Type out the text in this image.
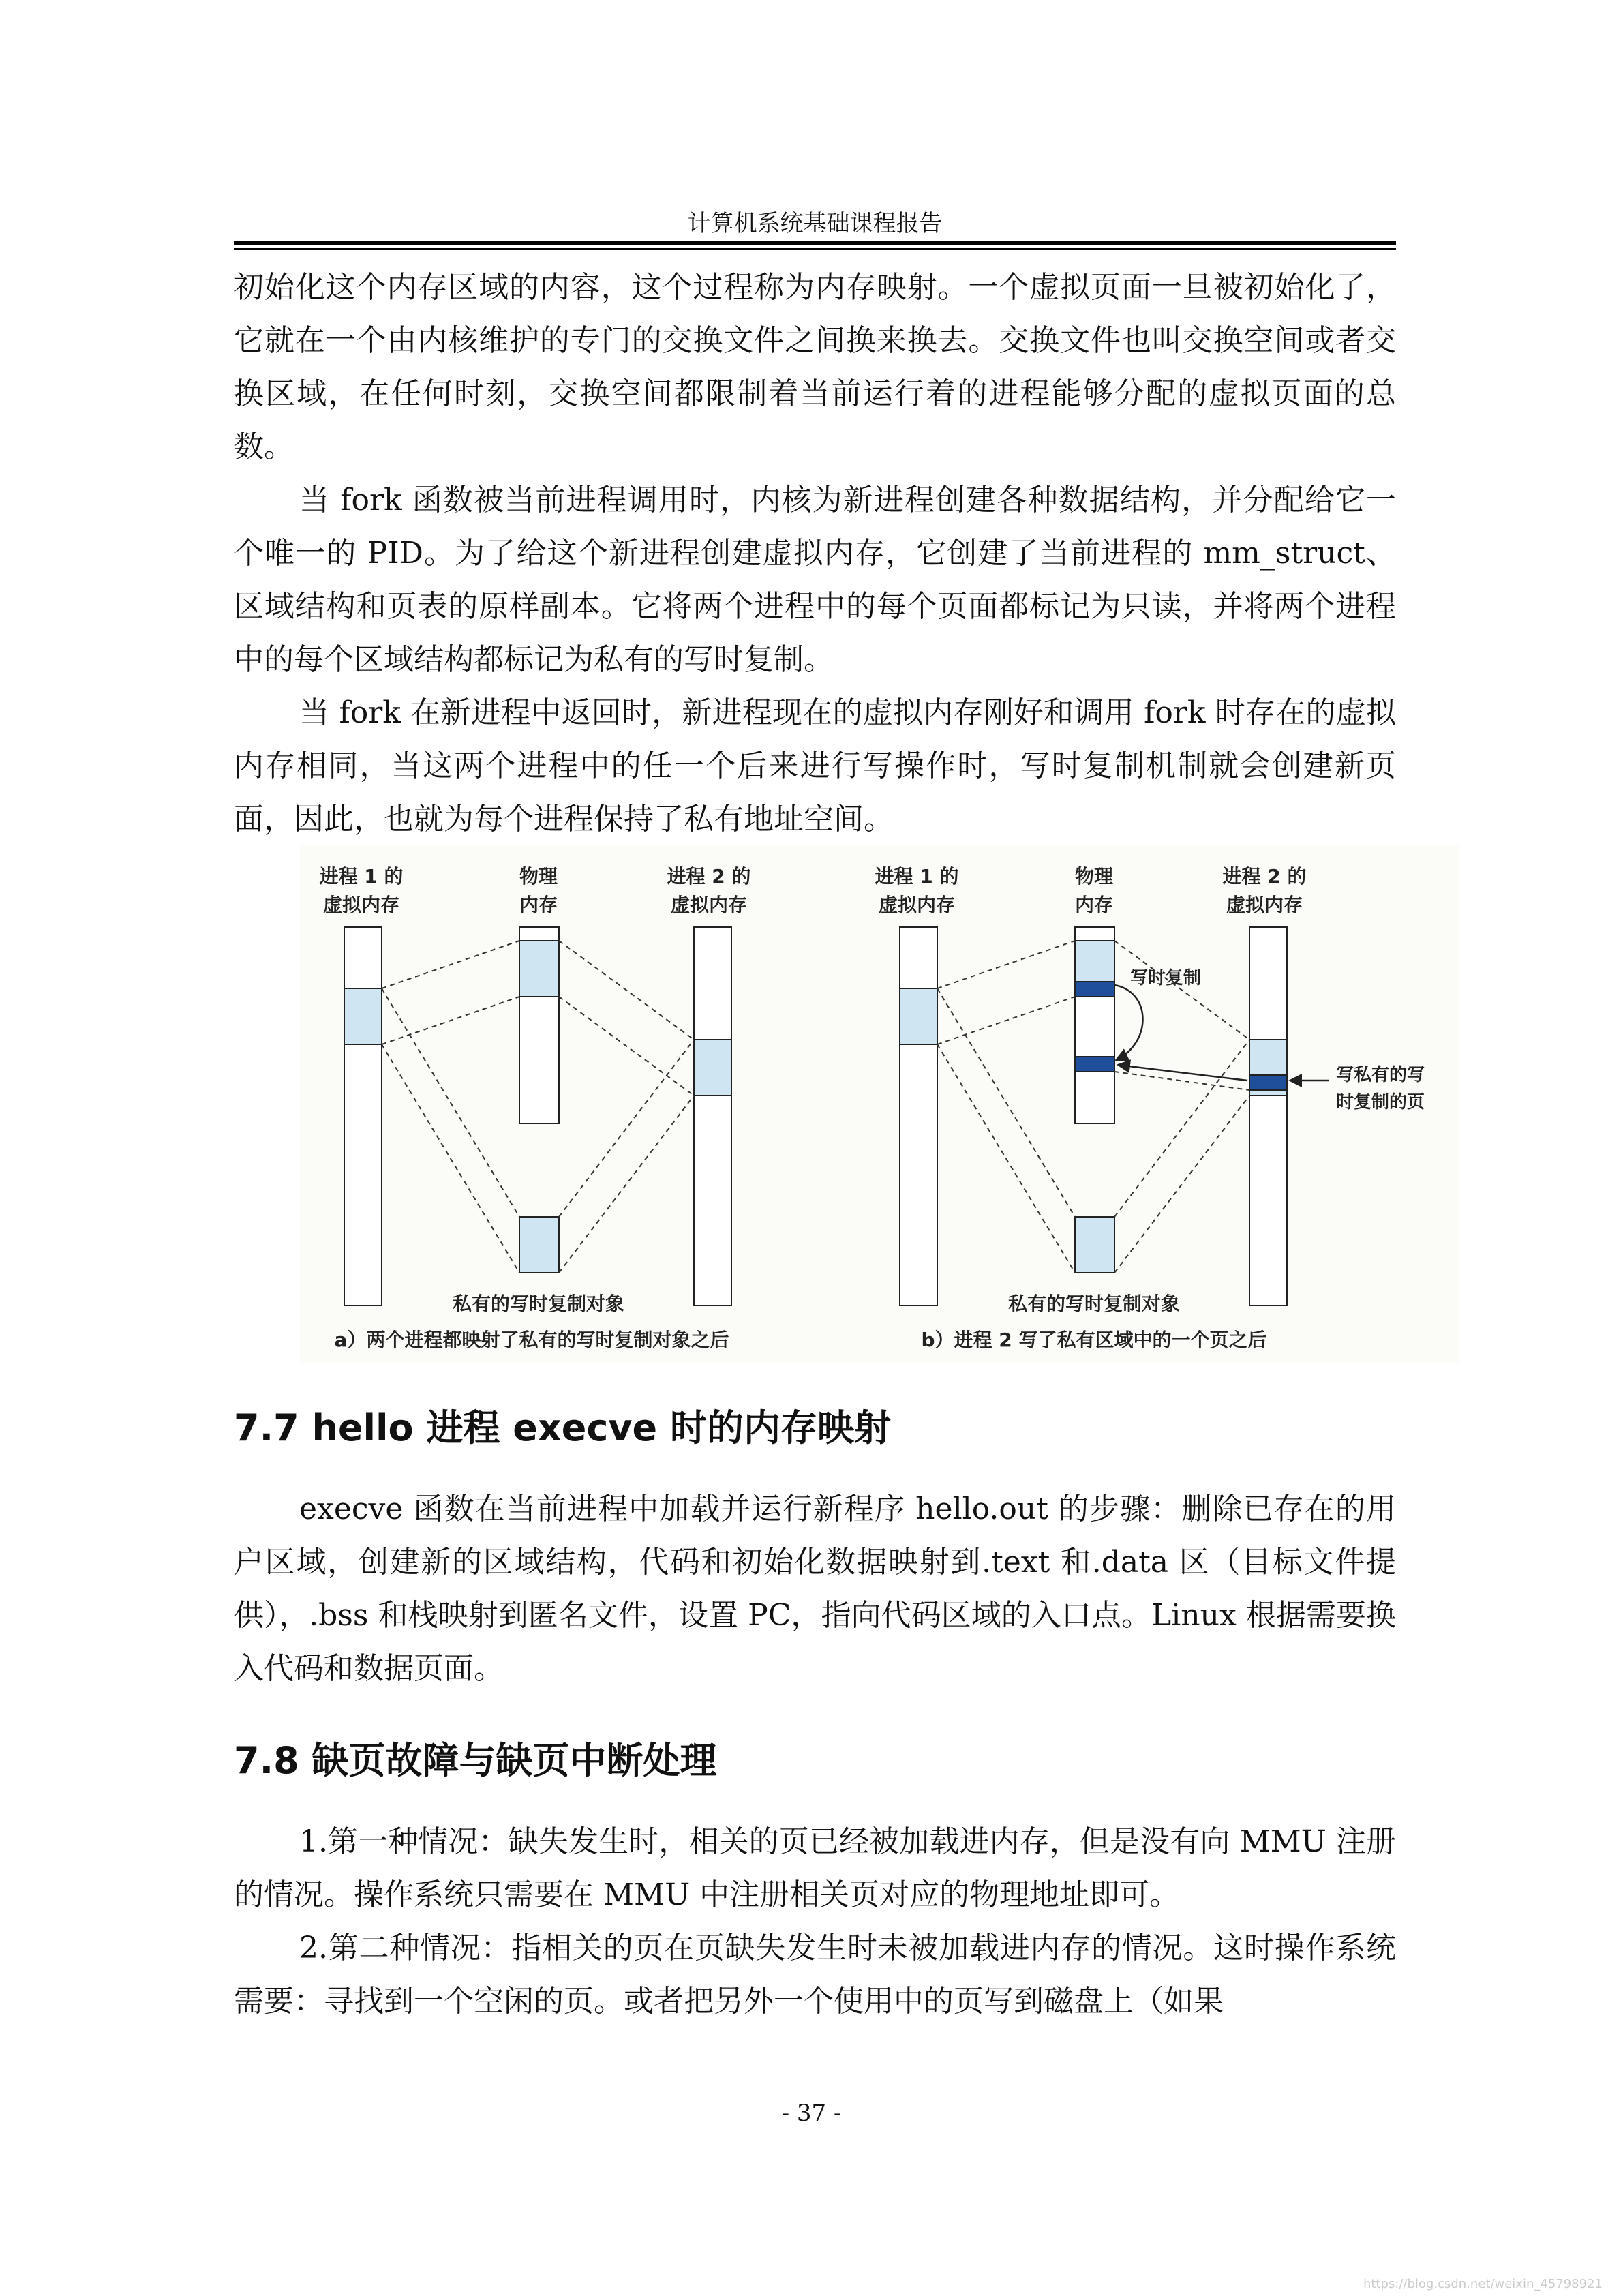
计算机系统基础课程报告

初始化这个内存区域的内容，这个过程称为内存映射。一个虚拟页面一旦被初始化了，它就在一个由内核维护的专门的交换文件之间换来换去。交换文件也叫交换空间或者交换区域，在任何时刻，交换空间都限制着当前运行着的进程能够分配的虚拟页面的总数。

当 fork 函数被当前进程调用时，内核为新进程创建各种数据结构，并分配给它一个唯一的 PID。为了给这个新进程创建虚拟内存，它创建了当前进程的 mm_struct、区域结构和页表的原样副本。它将两个进程中的每个页面都标记为只读，并将两个进程中的每个区域结构都标记为私有的写时复制。

当 fork 在新进程中返回时，新进程现在的虚拟内存刚好和调用 fork 时存在的虚拟内存相同，当这两个进程中的任一个后来进行写操作时，写时复制机制就会创建新页面，因此，也就为每个进程保持了私有地址空间。

进程 1 的
虚拟内存
物理
内存
进程 2 的
虚拟内存
私有的写时复制对象
a）两个进程都映射了私有的写时复制对象之后
进程 1 的
虚拟内存
物理
内存
进程 2 的
虚拟内存
写时复制
写私有的写
时复制的页
私有的写时复制对象
b）进程 2 写了私有区域中的一个页之后
7.7 hello 进程 execve 时的内存映射

execve 函数在当前进程中加载并运行新程序 hello.out 的步骤：删除已存在的用户区域，创建新的区域结构，代码和初始化数据映射到.text 和.data 区（目标文件提供），.bss 和栈映射到匿名文件，设置 PC，指向代码区域的入口点。Linux 根据需要换入代码和数据页面。

7.8 缺页故障与缺页中断处理

1.第一种情况：缺失发生时，相关的页已经被加载进内存，但是没有向 MMU 注册的情况。操作系统只需要在 MMU 中注册相关页对应的物理地址即可。

2.第二种情况：指相关的页在页缺失发生时未被加载进内存的情况。这时操作系统需要：寻找到一个空闲的页。或者把另外一个使用中的页写到磁盘上（如果

- 37 -
https://blog.csdn.net/weixin_45798921
